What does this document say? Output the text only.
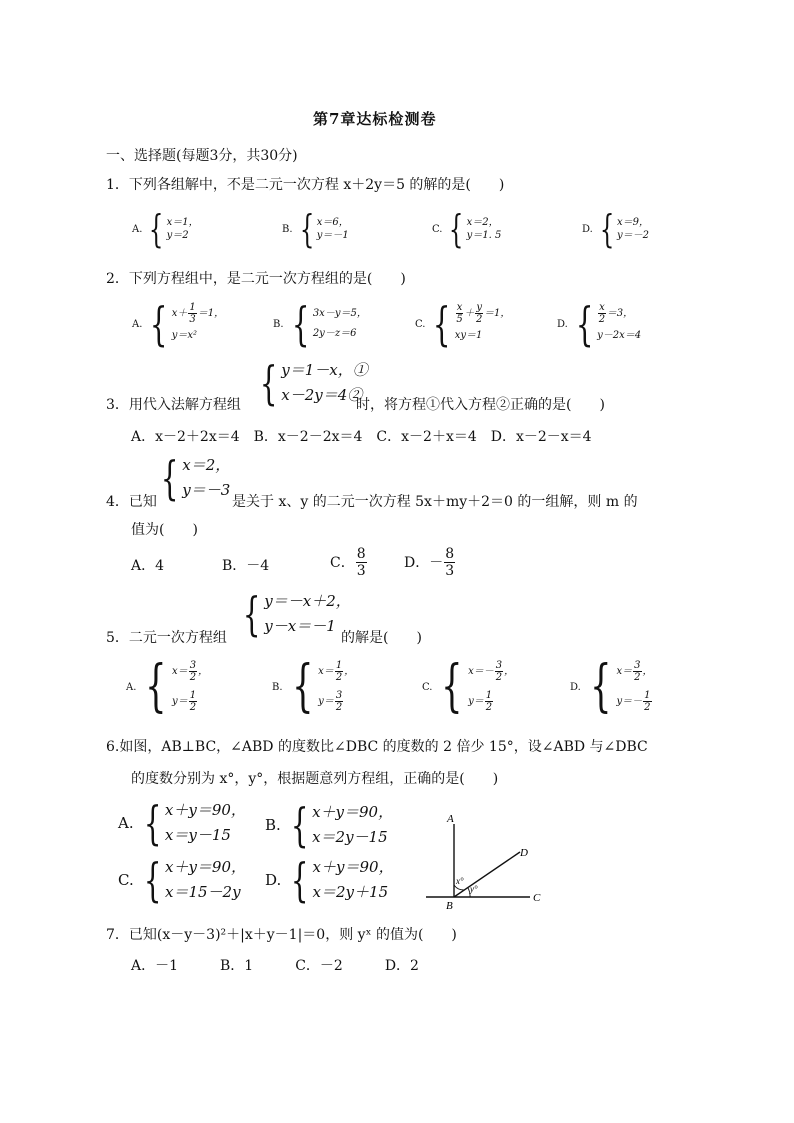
第7章达标检测卷
一、选择题(每题3分，共30分)
1．下列各组解中，不是二元一次方程 x＋2y＝5 的解的是(　　)
A. { x＝1，
y＝2
B. { x＝6，
y＝－1
C. { x＝2，
y＝1. 5
D. { x＝9，
y＝－2
2．下列方程组中，是二元一次方程组的是(　　)
A. { $x+ \frac{1}{3} =1$，
y＝x²
B. { 3x－y＝5，
2y－z＝6
C. { $\frac{x}{5} + \frac{y}{2} =1$，
xy＝1
D. { $\frac{x}{2} =3$，
y－2x＝4
3．用代入法解方程组 { y＝1－x，①
x－2y＝4②
时，将方程①代入方程②正确的是(　　)
A．x－2＋2x＝4　B．x－2－2x＝4　C．x－2＋x＝4　D．x－2－x＝4
4．已知 { x＝2，
y＝－3
是关于 x、y 的二元一次方程 5x＋my＋2＝0 的一组解，则 m 的
值为(　　)
A．4	B．－4	C． $\frac{8}{3}$	D．－ $\frac{8}{3}$
5．二元一次方程组 { y＝－x＋2，
y－x＝－1
的解是(　　)
A. { $x= \frac{3}{2}$ ，
$y= \frac{1}{2}$
B. { $x= \frac{1}{2}$ ，
$y= \frac{3}{2}$
C. { $x=- \frac{3}{2}$ ，
$y= \frac{1}{2}$
D. { $x= \frac{3}{2}$ ，
$y=- \frac{1}{2}$
6.如图，AB⊥BC，∠ABD 的度数比∠DBC 的度数的 2 倍少 15°，设∠ABD 与∠DBC
的度数分别为 x°，y°，根据题意列方程组，正确的是(　　)
A. { x＋y＝90，
x＝y－15
B. { x＋y＝90，
x＝2y－15
C. { x＋y＝90，
x＝15－2y
D. { x＋y＝90，
x＝2y＋15
A
B
C
D
x°
y°
7．已知(x－y－3)²＋|x＋y－1|＝0，则 yˣ 的值为(　　)
A．－1　　　B．1　　　C．－2　　　D．2
